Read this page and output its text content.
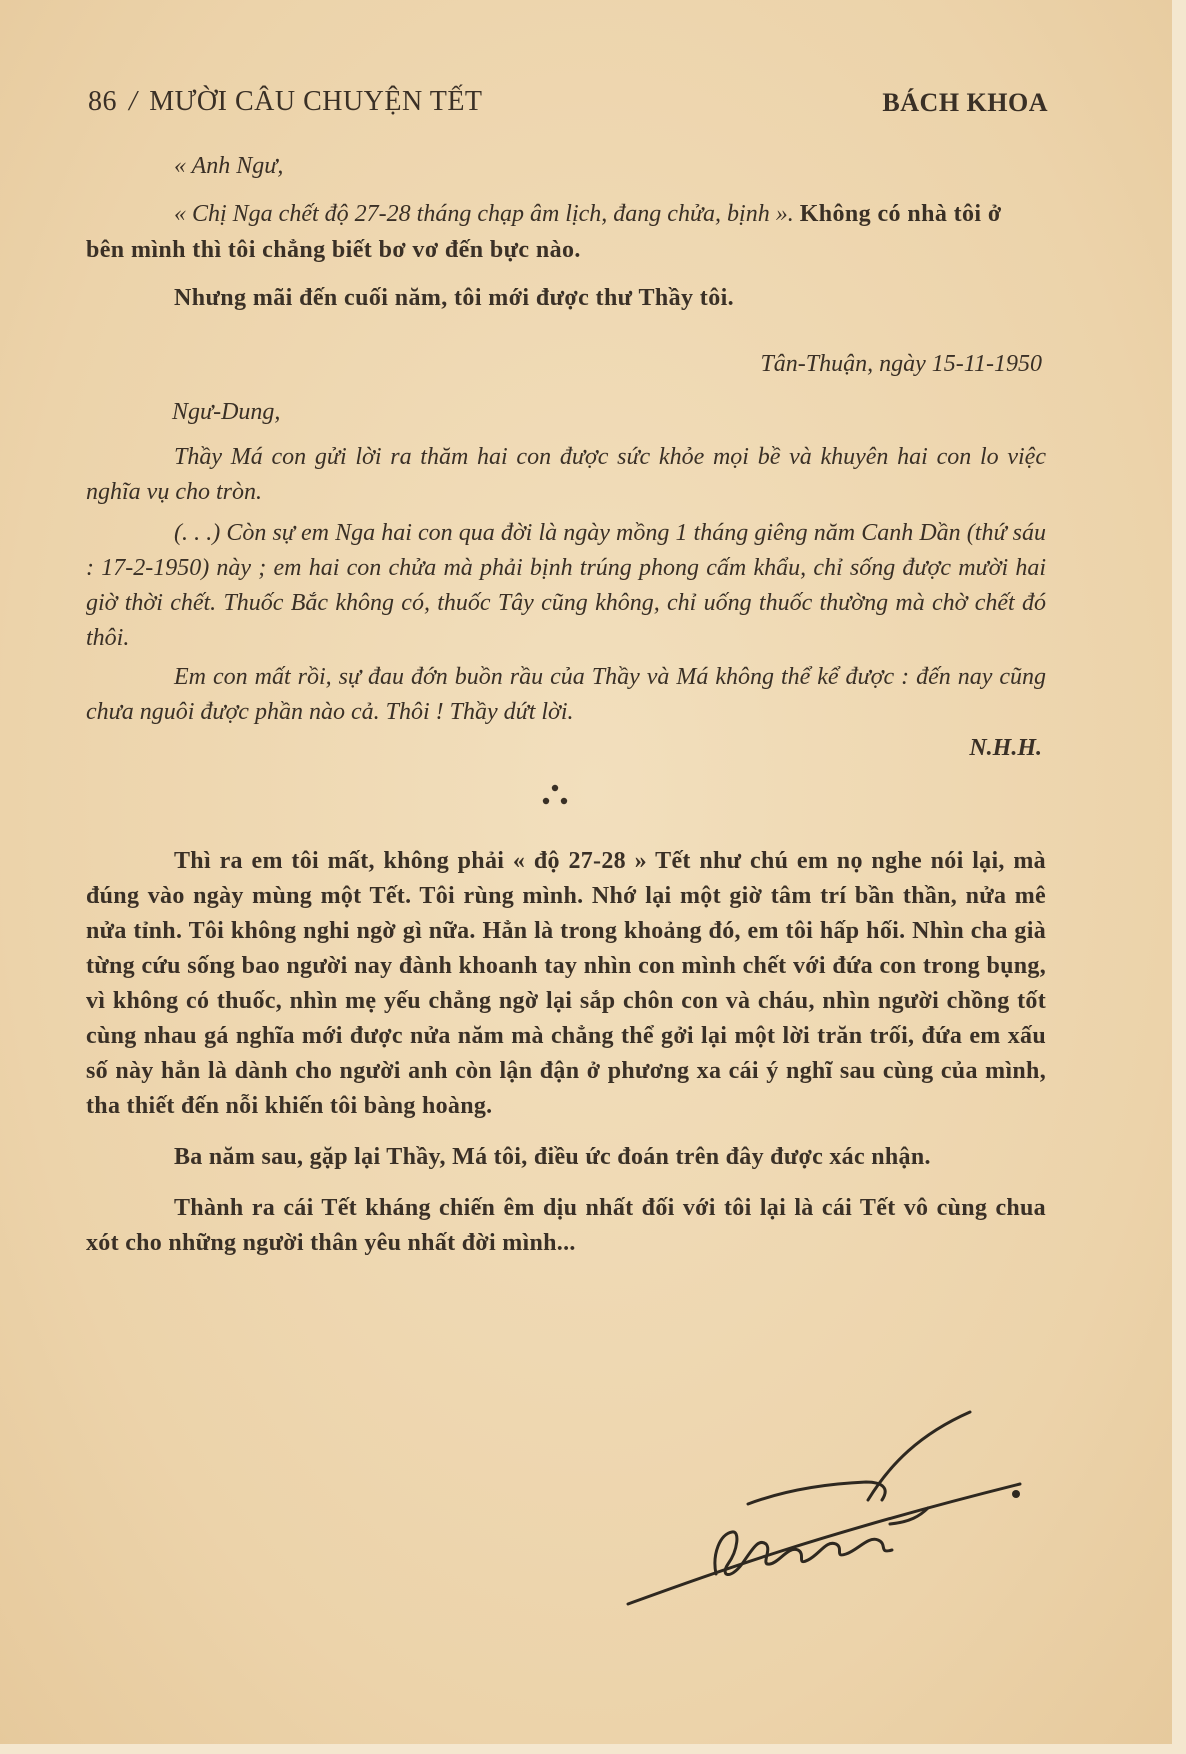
86 / MƯỜI CÂU CHUYỆN TẾT	BÁCH KHOA

« Anh Ngư,

« Chị Nga chết độ 27-28 tháng chạp âm lịch, đang chửa, bịnh ». Không có nhà tôi ở bên mình thì tôi chẳng biết bơ vơ đến bực nào.

Nhưng mãi đến cuối năm, tôi mới được thư Thầy tôi.

Tân-Thuận, ngày 15-11-1950

Ngư-Dung,

Thầy Má con gửi lời ra thăm hai con được sức khỏe mọi bề và khuyên hai con lo việc nghĩa vụ cho tròn.

(. . .) Còn sự em Nga hai con qua đời là ngày mồng 1 tháng giêng năm Canh Dần (thứ sáu : 17-2-1950) này ; em hai con chửa mà phải bịnh trúng phong cấm khẩu, chỉ sống được mười hai giờ thời chết. Thuốc Bắc không có, thuốc Tây cũng không, chỉ uống thuốc thường mà chờ chết đó thôi.

Em con mất rồi, sự đau đớn buồn rầu của Thầy và Má không thể kể được : đến nay cũng chưa nguôi được phần nào cả. Thôi ! Thầy dứt lời.

N.H.H.

Thì ra em tôi mất, không phải « độ 27-28 » Tết như chú em nọ nghe nói lại, mà đúng vào ngày mùng một Tết. Tôi rùng mình. Nhớ lại một giờ tâm trí bần thần, nửa mê nửa tỉnh. Tôi không nghi ngờ gì nữa. Hẳn là trong khoảng đó, em tôi hấp hối. Nhìn cha già từng cứu sống bao người nay đành khoanh tay nhìn con mình chết với đứa con trong bụng, vì không có thuốc, nhìn mẹ yếu chẳng ngờ lại sắp chôn con và cháu, nhìn người chồng tốt cùng nhau gá nghĩa mới được nửa năm mà chẳng thể gởi lại một lời trăn trối, đứa em xấu số này hẳn là dành cho người anh còn lận đận ở phương xa cái ý nghĩ sau cùng của mình, tha thiết đến nỗi khiến tôi bàng hoàng.

Ba năm sau, gặp lại Thầy, Má tôi, điều ức đoán trên đây được xác nhận.

Thành ra cái Tết kháng chiến êm dịu nhất đối với tôi lại là cái Tết vô cùng chua xót cho những người thân yêu nhất đời mình...
